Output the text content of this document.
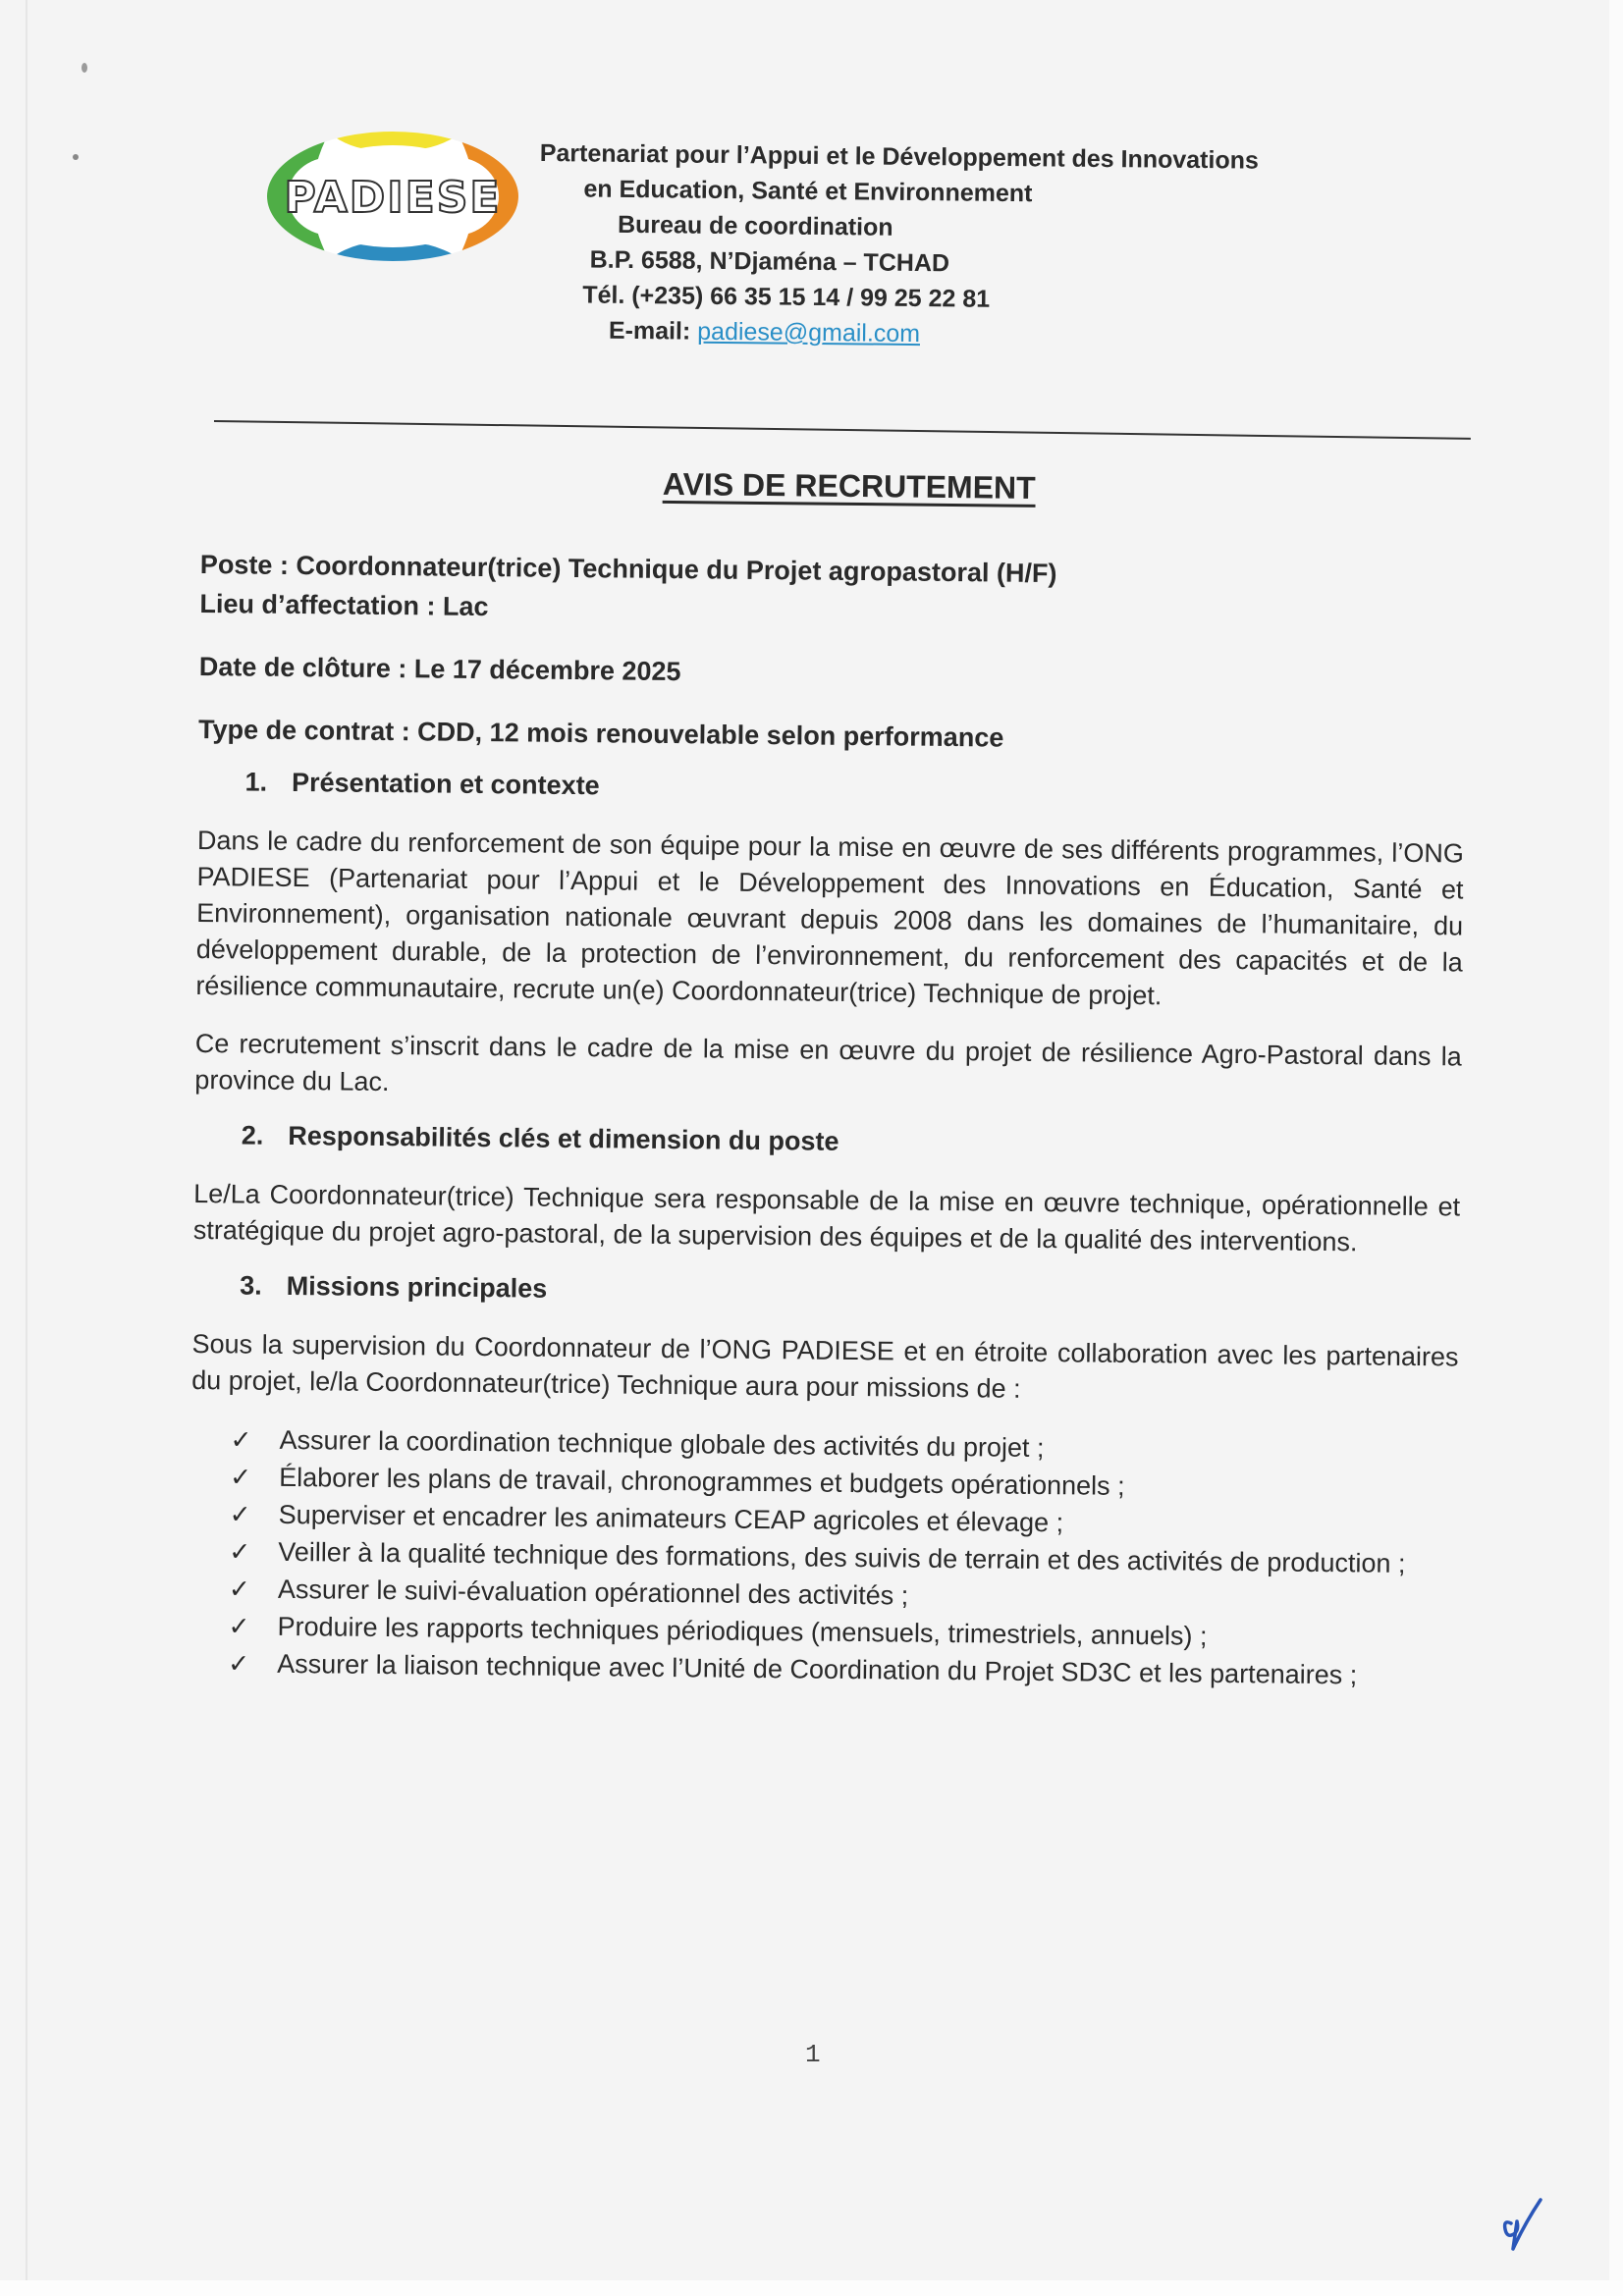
PADIESE
Partenariat pour l’Appui et le Développement des Innovations
en Education, Santé et Environnement
Bureau de coordination
B.P. 6588, N’Djaména – TCHAD
Tél. (+235) 66 35 15 14 / 99 25 22 81
E-mail: padiese@gmail.com
AVIS DE RECRUTEMENT
Poste : Coordonnateur(trice) Technique du Projet agropastoral (H/F)
Lieu d’affectation : Lac
Date de clôture : Le 17 décembre 2025
Type de contrat : CDD, 12 mois renouvelable selon performance
1. Présentation et contexte

Dans le cadre du renforcement de son équipe pour la mise en œuvre de ses différents programmes, l’ONG PADIESE (Partenariat pour l’Appui et le Développement des Innovations en Éducation, Santé et Environnement), organisation nationale œuvrant depuis 2008 dans les domaines de l’humanitaire, du développement durable, de la protection de l’environnement, du renforcement des capacités et de la résilience communautaire, recrute un(e) Coordonnateur(trice) Technique de projet.

Ce recrutement s’inscrit dans le cadre de la mise en œuvre du projet de résilience Agro-Pastoral dans la province du Lac.

2. Responsabilités clés et dimension du poste

Le/La Coordonnateur(trice) Technique sera responsable de la mise en œuvre technique, opérationnelle et stratégique du projet agro-pastoral, de la supervision des équipes et de la qualité des interventions.

3. Missions principales

Sous la supervision du Coordonnateur de l’ONG PADIESE et en étroite collaboration avec les partenaires du projet, le/la Coordonnateur(trice) Technique aura pour missions de :

✓ Assurer la coordination technique globale des activités du projet ;
✓ Élaborer les plans de travail, chronogrammes et budgets opérationnels ;
✓ Superviser et encadrer les animateurs CEAP agricoles et élevage ;
✓ Veiller à la qualité technique des formations, des suivis de terrain et des activités de production ;
✓ Assurer le suivi-évaluation opérationnel des activités ;
✓ Produire les rapports techniques périodiques (mensuels, trimestriels, annuels) ;
✓ Assurer la liaison technique avec l’Unité de Coordination du Projet SD3C et les partenaires ;
1
